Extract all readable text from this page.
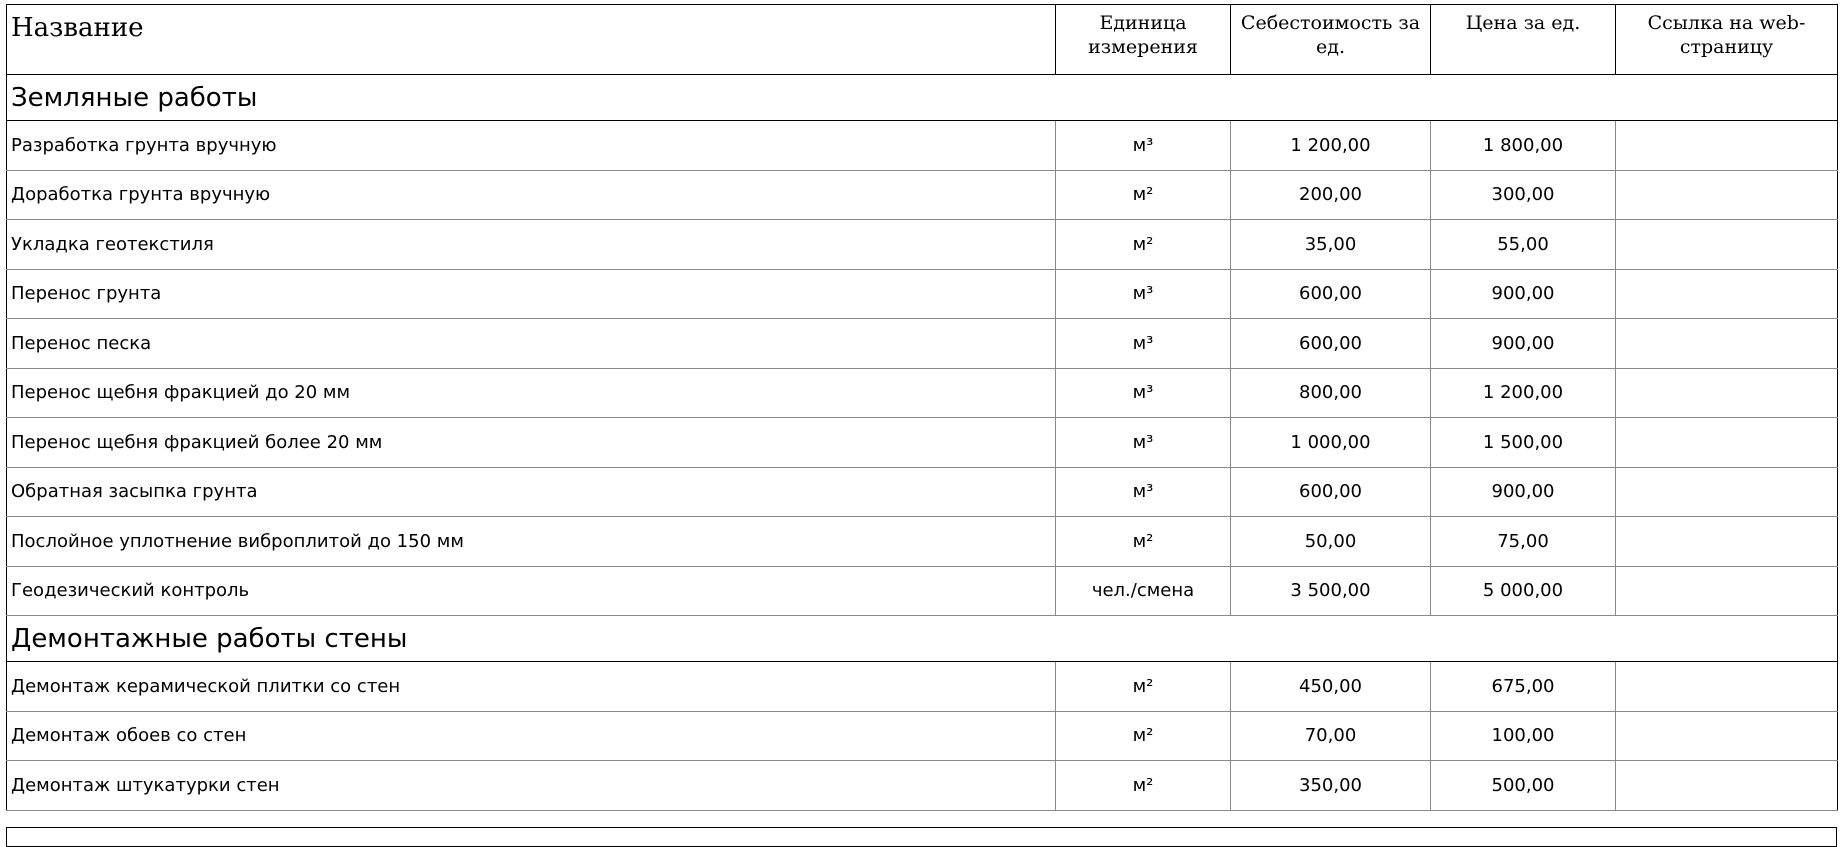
Название	Единица измерения	Себестоимость за ед.	Цена за ед.	Ссылка на web-страницу
Земляные работы				
Разработка грунта вручную	м³	1 200,00	1 800,00	
Доработка грунта вручную	м²	200,00	300,00	
Укладка геотекстиля	м²	35,00	55,00	
Перенос грунта	м³	600,00	900,00	
Перенос песка	м³	600,00	900,00	
Перенос щебня фракцией до 20 мм	м³	800,00	1 200,00	
Перенос щебня фракцией более 20 мм	м³	1 000,00	1 500,00	
Обратная засыпка грунта	м³	600,00	900,00	
Послойное уплотнение виброплитой до 150 мм	м²	50,00	75,00	
Геодезический контроль	чел./смена	3 500,00	5 000,00	
Демонтажные работы стены				
Демонтаж керамической плитки со стен	м²	450,00	675,00	
Демонтаж обоев со стен	м²	70,00	100,00	
Демонтаж штукатурки стен	м²	350,00	500,00	
